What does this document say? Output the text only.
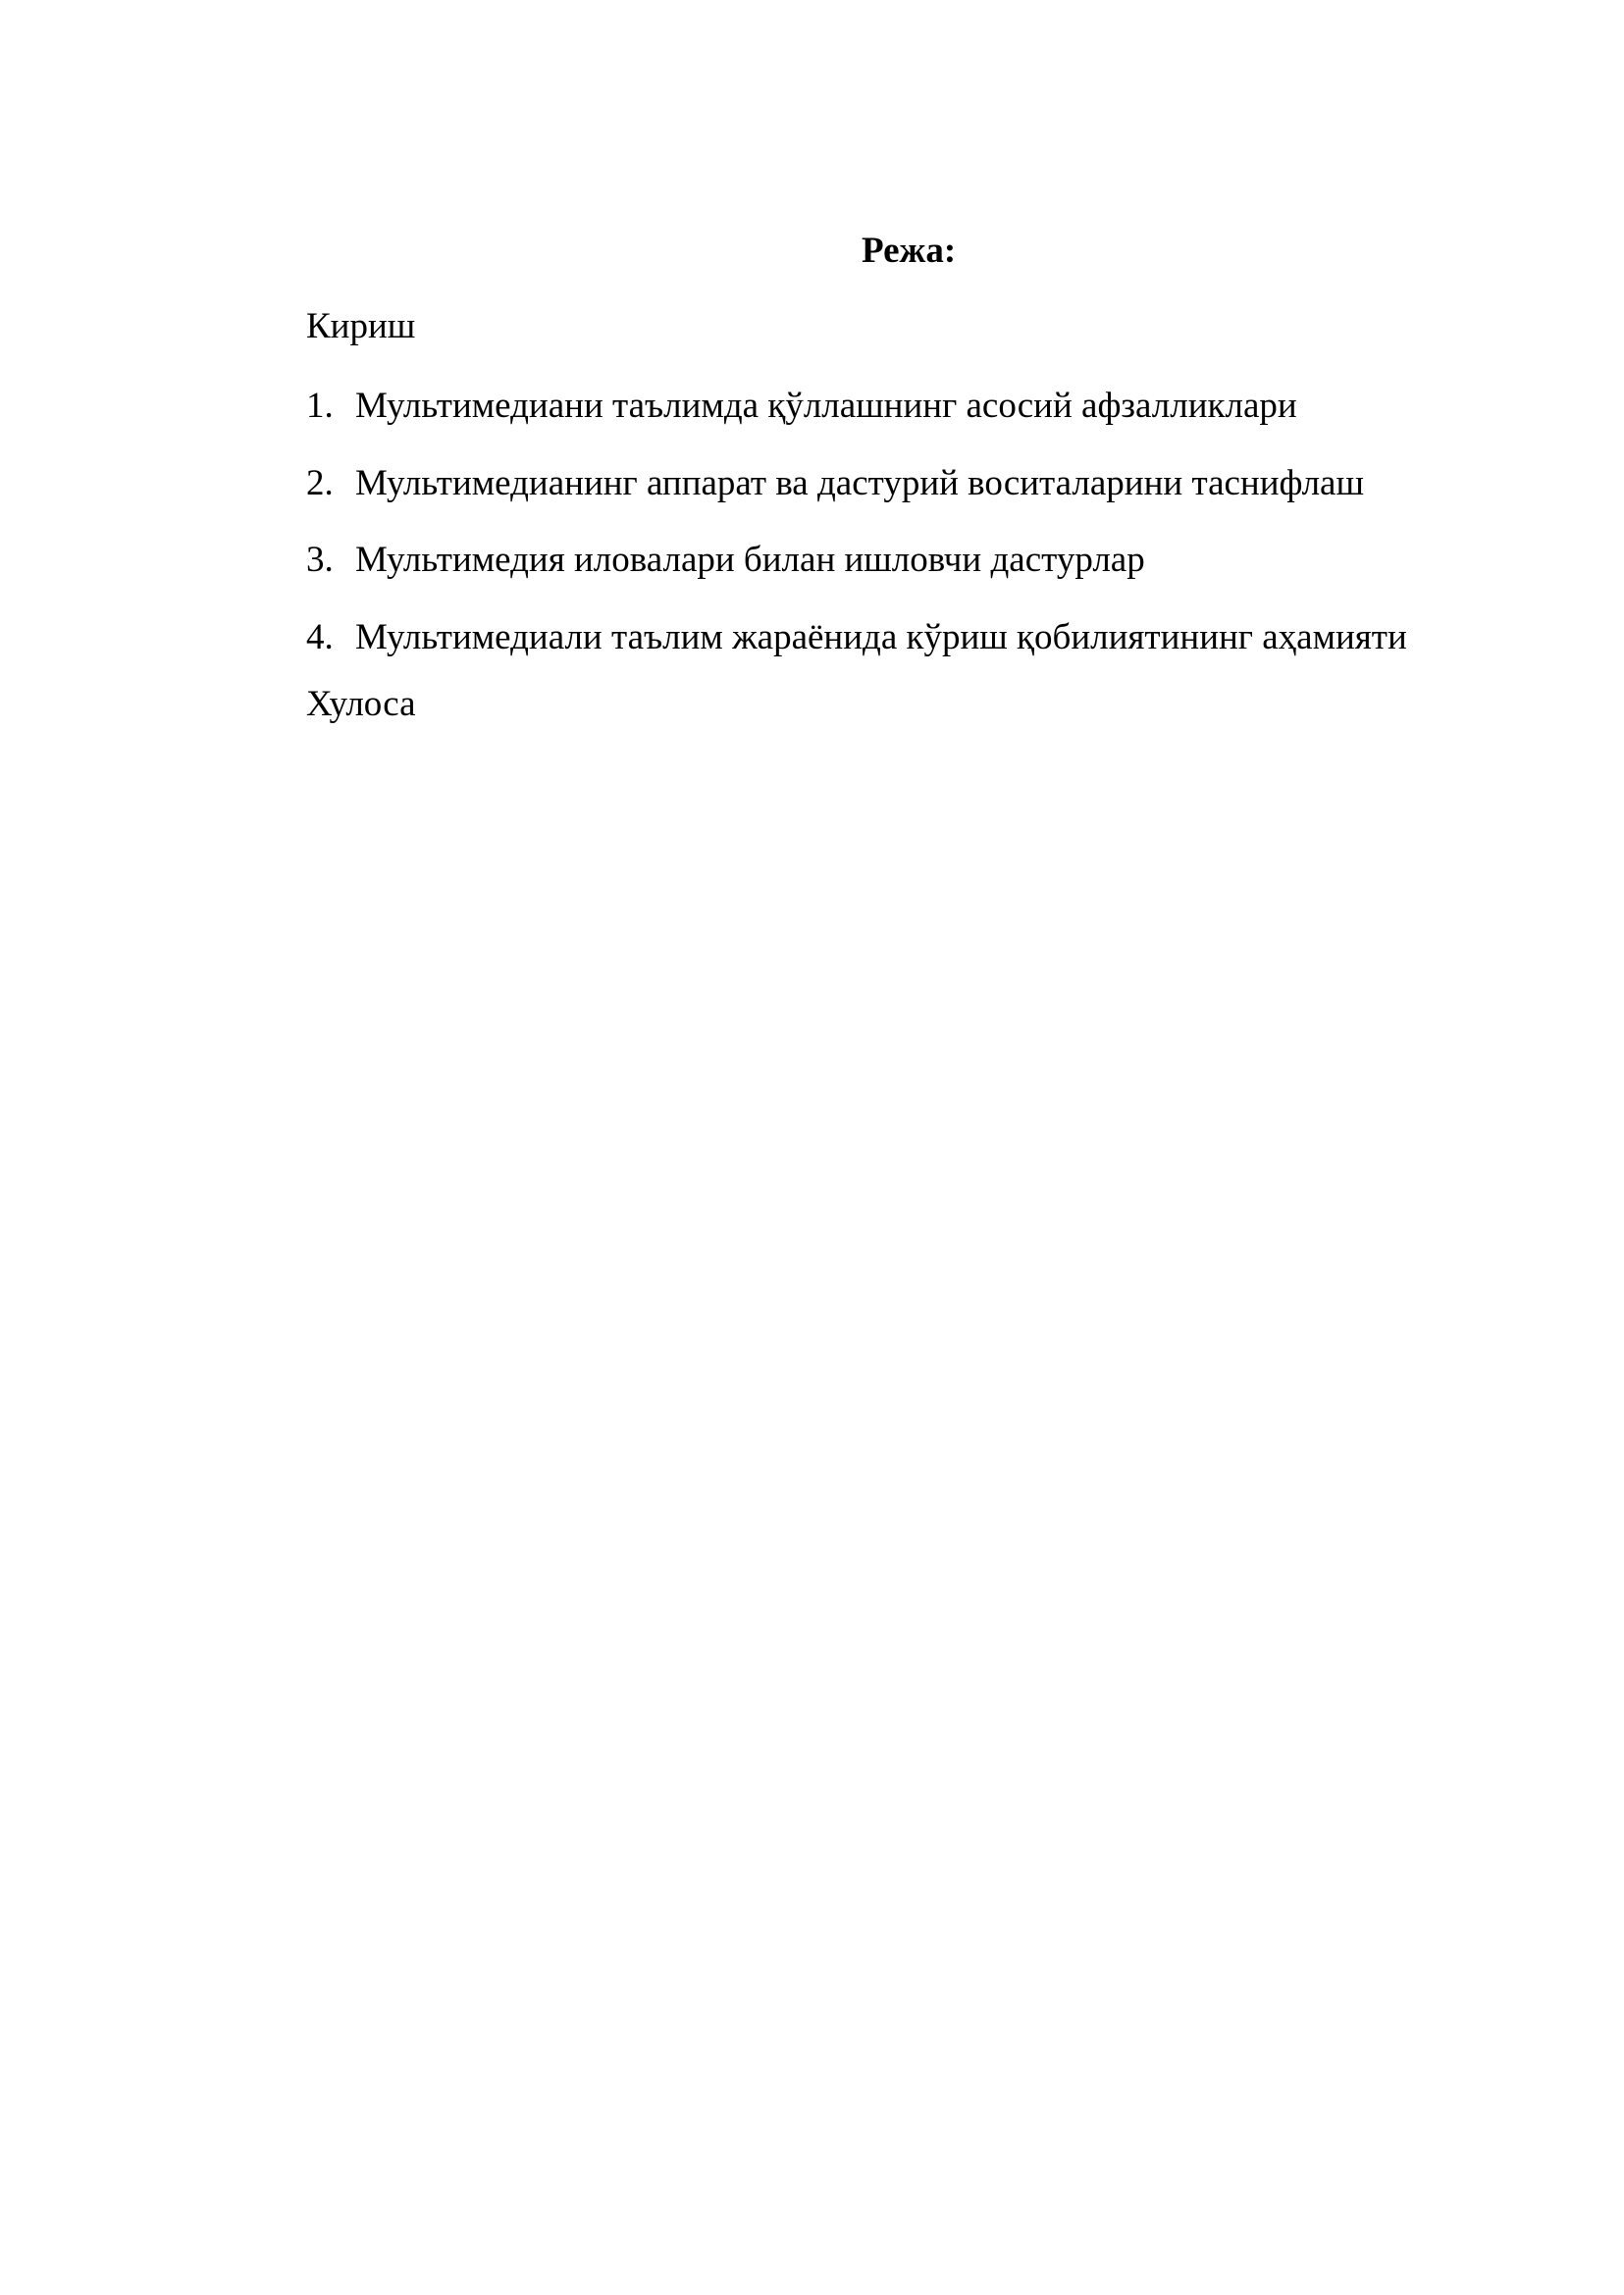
Режа:
Кириш
1. Мультимедиани таълимда қўллашнинг асосий афзалликлари
2. Мультимедианинг аппарат ва дастурий воситаларини таснифлаш
3. Мультимедия иловалари билан ишловчи дастурлар
4. Мультимедиали таълим жараёнида кўриш қобилиятининг аҳамияти
Хулоса
